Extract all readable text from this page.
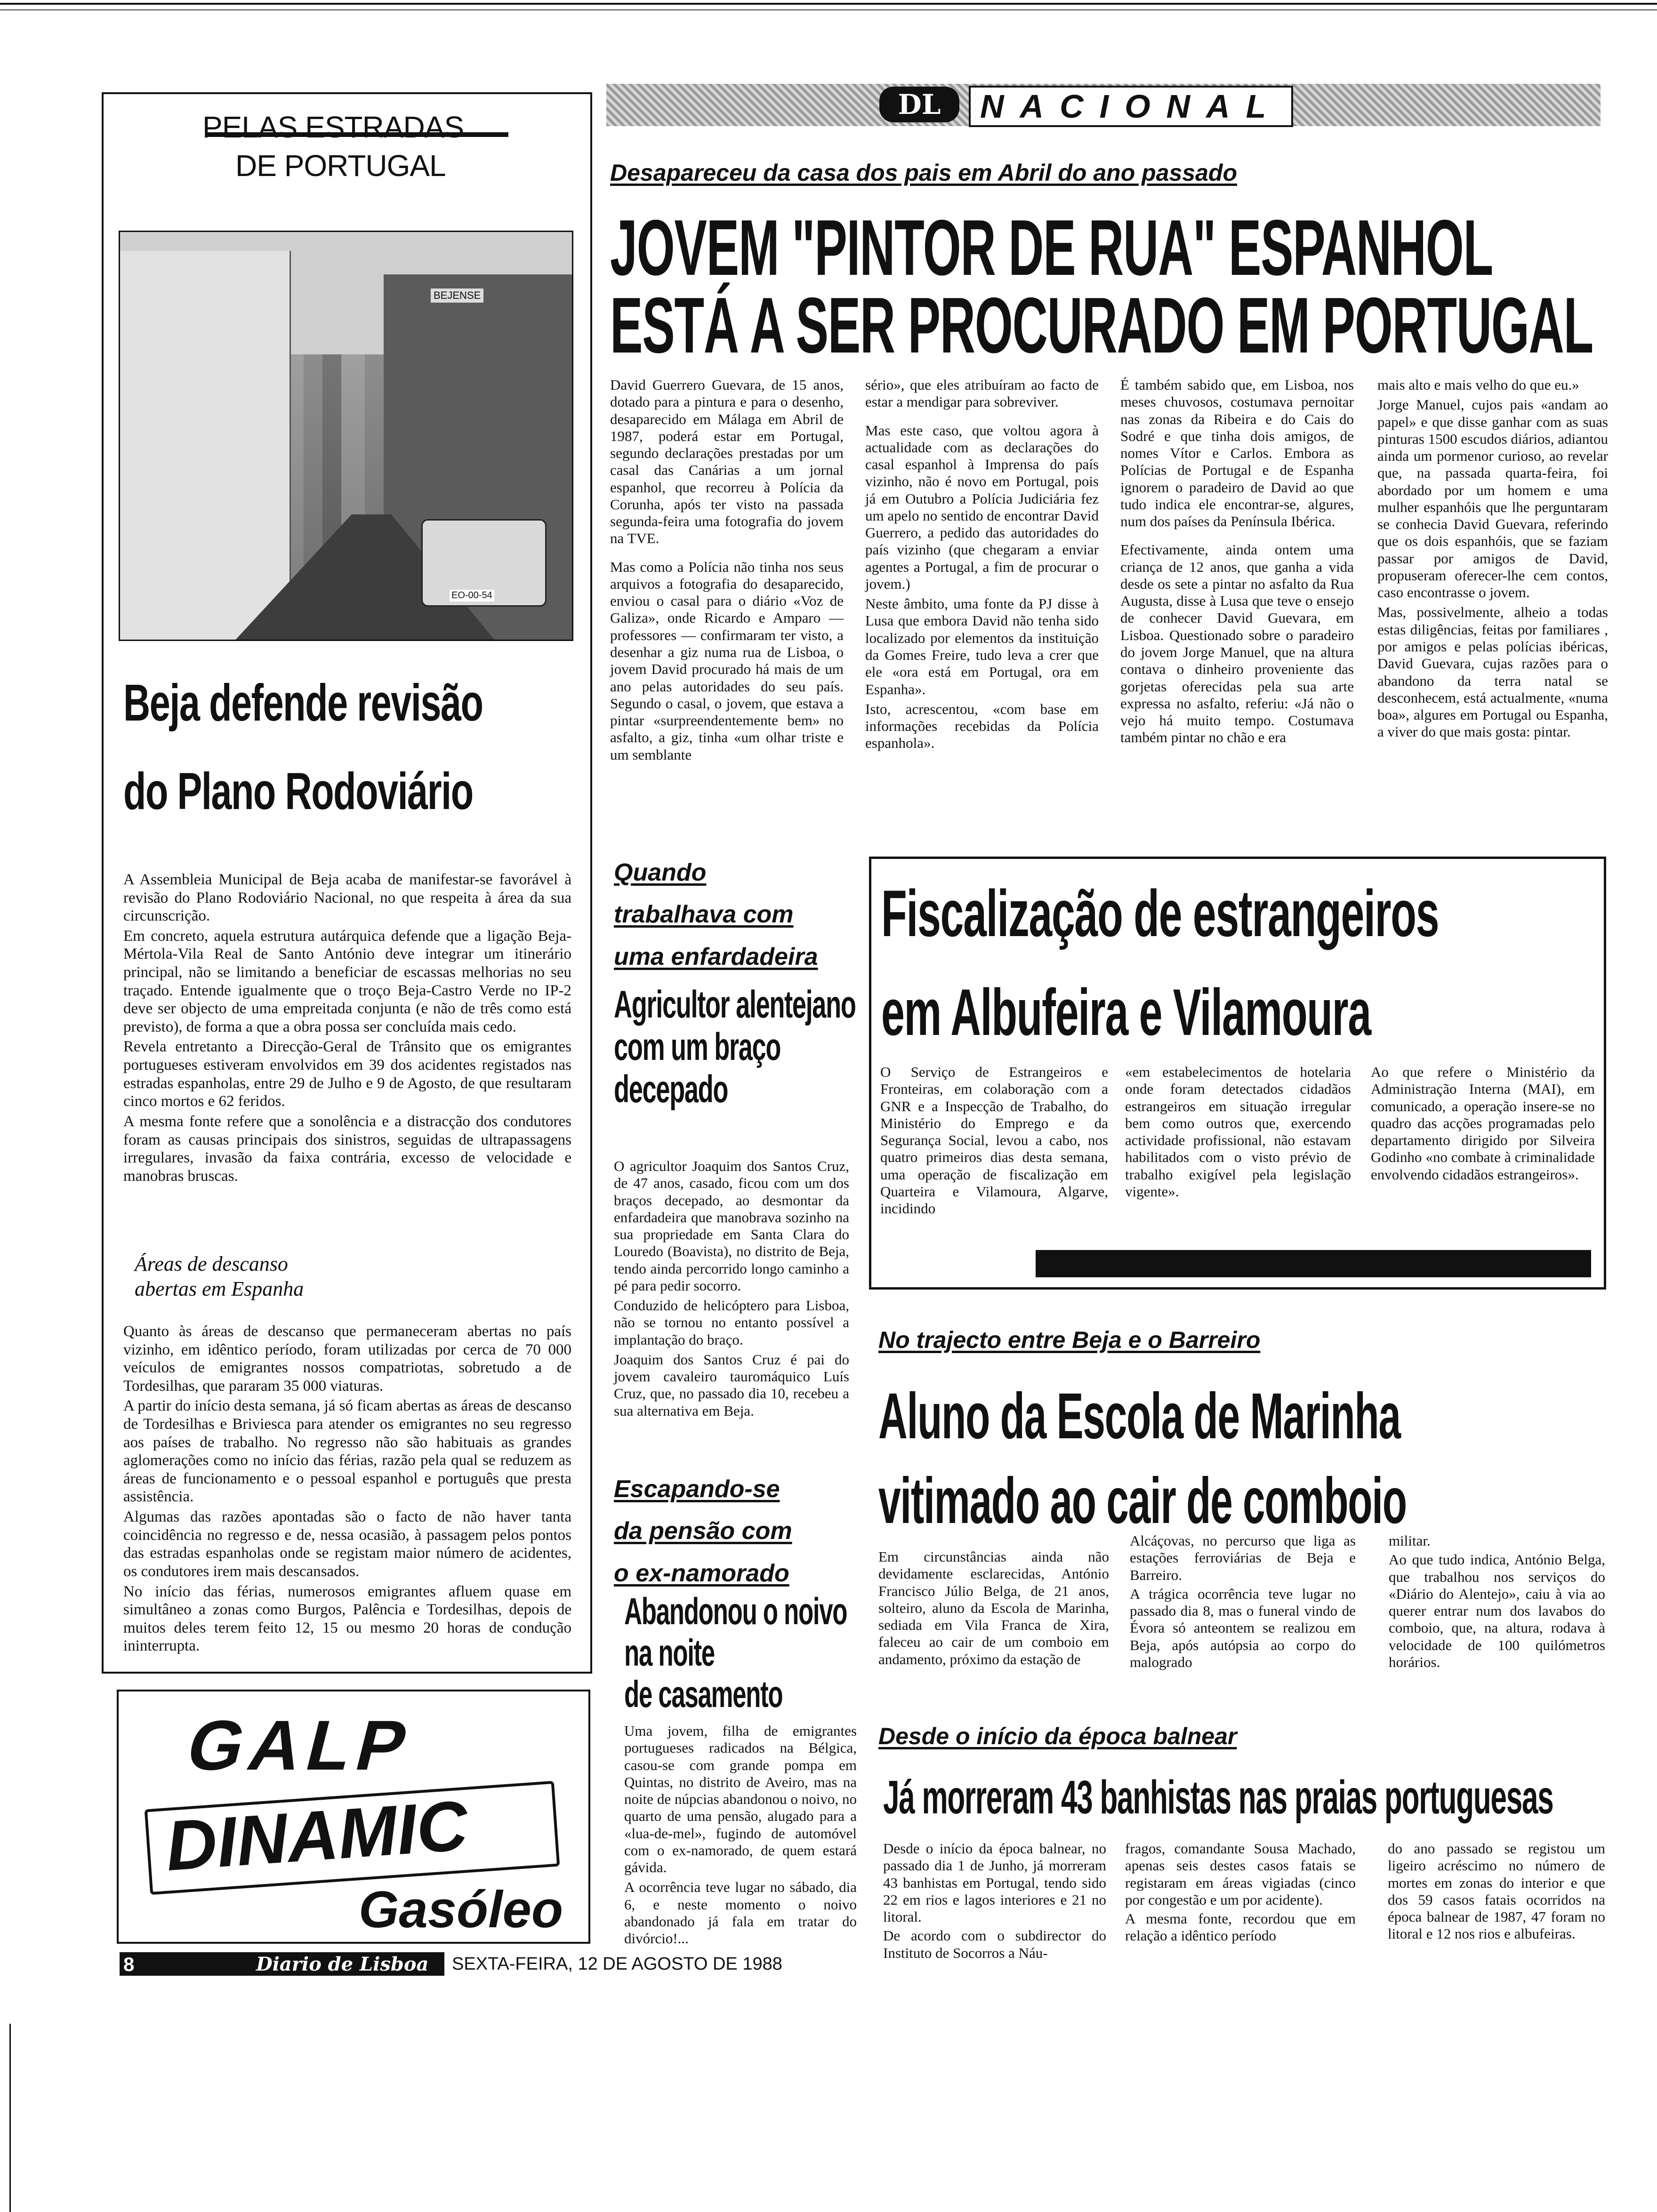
PELAS ESTRADAS
DE PORTUGAL
BEJENSE
EO-00-54
Beja defende revisão
do Plano Rodoviário

A Assembleia Municipal de Beja acaba de manifestar-se favorável à revisão do Plano Rodoviário Nacional, no que respeita à área da sua circunscrição.

Em concreto, aquela estrutura autárquica defende que a ligação Beja-Mértola-Vila Real de Santo António deve integrar um itinerário principal, não se limitando a beneficiar de escassas melhorias no seu traçado. Entende igualmente que o troço Beja-Castro Verde no IP-2 deve ser objecto de uma empreitada conjunta (e não de três como está previsto), de forma a que a obra possa ser concluída mais cedo.

Revela entretanto a Direcção-Geral de Trânsito que os emigrantes portugueses estiveram envolvidos em 39 dos acidentes registados nas estradas espanholas, entre 29 de Julho e 9 de Agosto, de que resultaram cinco mortos e 62 feridos.

A mesma fonte refere que a sonolência e a distracção dos condutores foram as causas principais dos sinistros, seguidas de ultrapassagens irregulares, invasão da faixa contrária, excesso de velocidade e manobras bruscas.

Áreas de descanso
abertas em Espanha

Quanto às áreas de descanso que permaneceram abertas no país vizinho, em idêntico período, foram utilizadas por cerca de 70 000 veículos de emigrantes nossos compatriotas, sobretudo a de Tordesilhas, que pararam 35 000 viaturas.

A partir do início desta semana, já só ficam abertas as áreas de descanso de Tordesilhas e Briviesca para atender os emigrantes no seu regresso aos países de trabalho. No regresso não são habituais as grandes aglomerações como no início das férias, razão pela qual se reduzem as áreas de funcionamento e o pessoal espanhol e português que presta assistência.

Algumas das razões apontadas são o facto de não haver tanta coincidência no regresso e de, nessa ocasião, à passagem pelos pontos das estradas espanholas onde se registam maior número de acidentes, os condutores irem mais descansados.

No início das férias, numerosos emigrantes afluem quase em simultâneo a zonas como Burgos, Palência e Tordesilhas, depois de muitos deles terem feito 12, 15 ou mesmo 20 horas de condução ininterrupta.

GALP
DINAMIC
Gasóleo
8	Diario de Lisboa SEXTA-FEIRA, 12 DE AGOSTO DE 1988
DL	NACIONAL
Desapareceu da casa dos pais em Abril do ano passado
JOVEM "PINTOR DE RUA" ESPANHOL
ESTÁ A SER PROCURADO EM PORTUGAL

David Guerrero Guevara, de 15 anos, dotado para a pintura e para o desenho, desaparecido em Málaga em Abril de 1987, poderá estar em Portugal, segundo declarações prestadas por um casal das Canárias a um jornal espanhol, que recorreu à Polícia da Corunha, após ter visto na passada segunda-feira uma fotografia do jovem na TVE.

Mas como a Polícia não tinha nos seus arquivos a fotografia do desaparecido, enviou o casal para o diário «Voz de Galiza», onde Ricardo e Amparo — professores — confirmaram ter visto, a desenhar a giz numa rua de Lisboa, o jovem David procurado há mais de um ano pelas autoridades do seu país. Segundo o casal, o jovem, que estava a pintar «surpreendentemente bem» no asfalto, a giz, tinha «um olhar triste e um semblante

sério», que eles atribuíram ao facto de estar a mendigar para sobreviver.

Mas este caso, que voltou agora à actualidade com as declarações do casal espanhol à Imprensa do país vizinho, não é novo em Portugal, pois já em Outubro a Polícia Judiciária fez um apelo no sentido de encontrar David Guerrero, a pedido das autoridades do país vizinho (que chegaram a enviar agentes a Portugal, a fim de procurar o jovem.)

Neste âmbito, uma fonte da PJ disse à Lusa que embora David não tenha sido localizado por elementos da instituição da Gomes Freire, tudo leva a crer que ele «ora está em Portugal, ora em Espanha».

Isto, acrescentou, «com base em informações recebidas da Polícia espanhola».

É também sabido que, em Lisboa, nos meses chuvosos, costumava pernoitar nas zonas da Ribeira e do Cais do Sodré e que tinha dois amigos, de nomes Vítor e Carlos. Embora as Polícias de Portugal e de Espanha ignorem o paradeiro de David ao que tudo indica ele encontrar-se, algures, num dos países da Península Ibérica.

Efectivamente, ainda ontem uma criança de 12 anos, que ganha a vida desde os sete a pintar no asfalto da Rua Augusta, disse à Lusa que teve o ensejo de conhecer David Guevara, em Lisboa. Questionado sobre o paradeiro do jovem Jorge Manuel, que na altura contava o dinheiro proveniente das gorjetas oferecidas pela sua arte expressa no asfalto, referiu: «Já não o vejo há muito tempo. Costumava também pintar no chão e era

mais alto e mais velho do que eu.»

Jorge Manuel, cujos pais «andam ao papel» e que disse ganhar com as suas pinturas 1500 escudos diários, adiantou ainda um pormenor curioso, ao revelar que, na passada quarta-feira, foi abordado por um homem e uma mulher espanhóis que lhe perguntaram se conhecia David Guevara, referindo que os dois espanhóis, que se faziam passar por amigos de David, propuseram oferecer-lhe cem contos, caso encontrasse o jovem.

Mas, possivelmente, alheio a todas estas diligências, feitas por familiares , por amigos e pelas polícias ibéricas, David Guevara, cujas razões para o abandono da terra natal se desconhecem, está actualmente, «numa boa», algures em Portugal ou Espanha, a viver do que mais gosta: pintar.

Quando
trabalhava com
uma enfardadeira
Agricultor alentejano
com um braço
decepado

O agricultor Joaquim dos Santos Cruz, de 47 anos, casado, ficou com um dos braços decepado, ao desmontar da enfardadeira que manobrava sozinho na sua propriedade em Santa Clara do Louredo (Boavista), no distrito de Beja, tendo ainda percorrido longo caminho a pé para pedir socorro.

Conduzido de helicóptero para Lisboa, não se tornou no entanto possível a implantação do braço.

Joaquim dos Santos Cruz é pai do jovem cavaleiro tauromáquico Luís Cruz, que, no passado dia 10, recebeu a sua alternativa em Beja.

Escapando-se
da pensão com
o ex-namorado
Abandonou o noivo
na noite
de casamento

Uma jovem, filha de emigrantes portugueses radicados na Bélgica, casou-se com grande pompa em Quintas, no distrito de Aveiro, mas na noite de núpcias abandonou o noivo, no quarto de uma pensão, alugado para a «lua-de-mel», fugindo de automóvel com o ex-namorado, de quem estará gávida.

A ocorrência teve lugar no sábado, dia 6, e neste momento o noivo abandonado já fala em tratar do divórcio!...

Fiscalização de estrangeiros
em Albufeira e Vilamoura

O Serviço de Estrangeiros e Fronteiras, em colaboração com a GNR e a Inspecção de Trabalho, do Ministério do Emprego e da Segurança Social, levou a cabo, nos quatro primeiros dias desta semana, uma operação de fiscalização em Quarteira e Vilamoura, Algarve, incidindo

«em estabelecimentos de hotelaria onde foram detectados cidadãos estrangeiros em situação irregular bem como outros que, exercendo actividade profissional, não estavam habilitados com o visto prévio de trabalho exigível pela legislação vigente».

Ao que refere o Ministério da Administração Interna (MAI), em comunicado, a operação insere-se no quadro das acções programadas pelo departamento dirigido por Silveira Godinho «no combate à criminalidade envolvendo cidadãos estrangeiros».

No trajecto entre Beja e o Barreiro
Aluno da Escola de Marinha
vitimado ao cair de comboio

Em circunstâncias ainda não devidamente esclarecidas, António Francisco Júlio Belga, de 21 anos, solteiro, aluno da Escola de Marinha, sediada em Vila Franca de Xira, faleceu ao cair de um comboio em andamento, próximo da estação de

Alcáçovas, no percurso que liga as estações ferroviárias de Beja e Barreiro.

A trágica ocorrência teve lugar no passado dia 8, mas o funeral vindo de Évora só anteontem se realizou em Beja, após autópsia ao corpo do malogrado

militar.

Ao que tudo indica, António Belga, que trabalhou nos serviços do «Diário do Alentejo», caiu à via ao querer entrar num dos lavabos do comboio, que, na altura, rodava à velocidade de 100 quilómetros horários.

Desde o início da época balnear
Já morreram 43 banhistas nas praias portuguesas

Desde o início da época balnear, no passado dia 1 de Junho, já morreram 43 banhistas em Portugal, tendo sido 22 em rios e lagos interiores e 21 no litoral.

De acordo com o subdirector do Instituto de Socorros a Náu-

fragos, comandante Sousa Machado, apenas seis destes casos fatais se registaram em áreas vigiadas (cinco por congestão e um por acidente).

A mesma fonte, recordou que em relação a idêntico período

do ano passado se registou um ligeiro acréscimo no número de mortes em zonas do interior e que dos 59 casos fatais ocorridos na época balnear de 1987, 47 foram no litoral e 12 nos rios e albufeiras.
